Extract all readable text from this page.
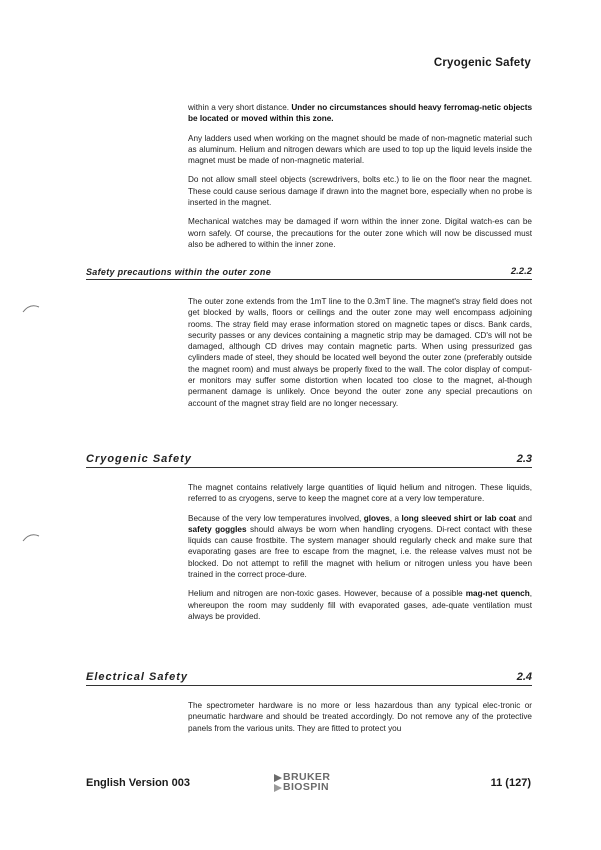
Cryogenic Safety

within a very short distance. Under no circumstances should heavy ferromag-netic objects be located or moved within this zone.

Any ladders used when working on the magnet should be made of non-magnetic material such as aluminum. Helium and nitrogen dewars which are used to top up the liquid levels inside the magnet must be made of non-magnetic material.

Do not allow small steel objects (screwdrivers, bolts etc.) to lie on the floor near the magnet. These could cause serious damage if drawn into the magnet bore, especially when no probe is inserted in the magnet.

Mechanical watches may be damaged if worn within the inner zone. Digital watch-es can be worn safely. Of course, the precautions for the outer zone which will now be discussed must also be adhered to within the inner zone.

Safety precautions within the outer zone	2.2.2

The outer zone extends from the 1mT line to the 0.3mT line. The magnet's stray field does not get blocked by walls, floors or ceilings and the outer zone may well encompass adjoining rooms. The stray field may erase information stored on magnetic tapes or discs. Bank cards, security passes or any devices containing a magnetic strip may be damaged. CD's will not be damaged, although CD drives may contain magnetic parts. When using pressurized gas cylinders made of steel, they should be located well beyond the outer zone (preferably outside the magnet room) and must always be properly fixed to the wall. The color display of comput-er monitors may suffer some distortion when located too close to the magnet, al-though permanent damage is unlikely. Once beyond the outer zone any special precautions on account of the magnet stray field are no longer necessary.

Cryogenic Safety	2.3

The magnet contains relatively large quantities of liquid helium and nitrogen. These liquids, referred to as cryogens, serve to keep the magnet core at a very low temperature.

Because of the very low temperatures involved, gloves, a long sleeved shirt or lab coat and safety goggles should always be worn when handling cryogens. Di-rect contact with these liquids can cause frostbite. The system manager should regularly check and make sure that evaporating gases are free to escape from the magnet, i.e. the release valves must not be blocked. Do not attempt to refill the magnet with helium or nitrogen unless you have been trained in the correct proce-dure.

Helium and nitrogen are non-toxic gases. However, because of a possible mag-net quench, whereupon the room may suddenly fill with evaporated gases, ade-quate ventilation must always be provided.

Electrical Safety	2.4

The spectrometer hardware is no more or less hazardous than any typical elec-tronic or pneumatic hardware and should be treated accordingly. Do not remove any of the protective panels from the various units. They are fitted to protect you

English Version 003	BRUKER
BIOSPIN	11 (127)
